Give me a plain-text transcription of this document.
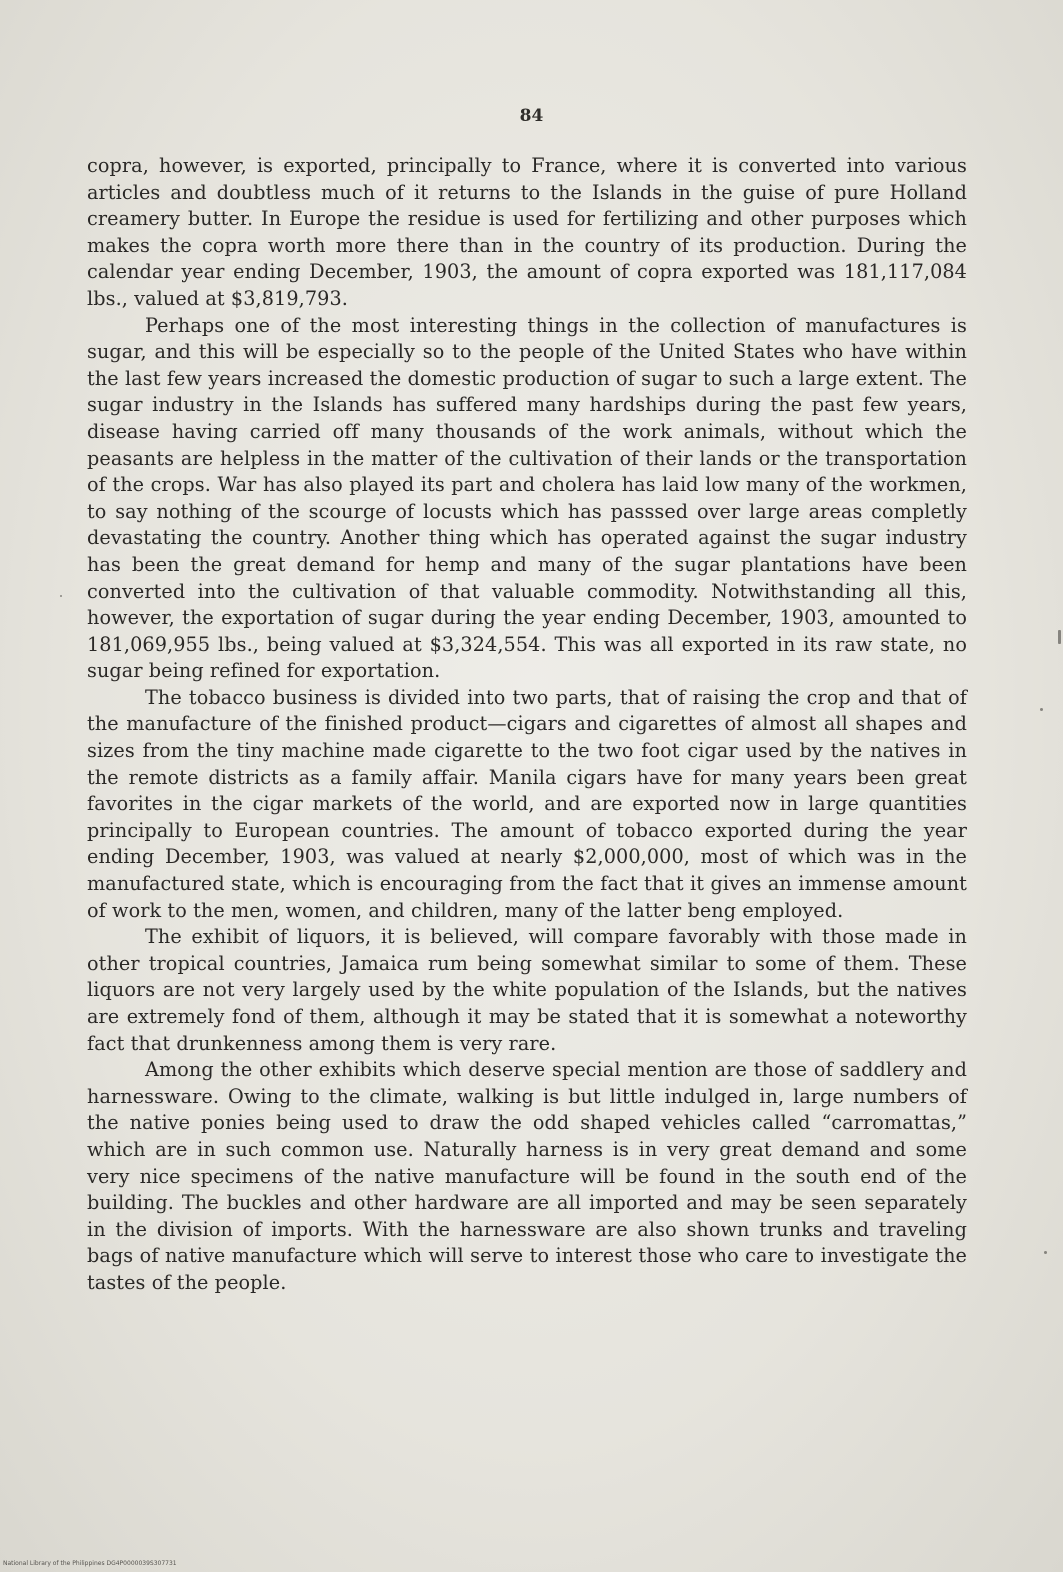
84

copra, however, is exported, principally to France, where it is converted into various articles and doubtless much of it returns to the Islands in the guise of pure Holland creamery butter. In Europe the residue is used for fertilizing and other purposes which makes the copra worth more there than in the country of its production. During the calendar year ending December, 1903, the amount of copra exported was 181,117,084 lbs., valued at $3,819,793.

Perhaps one of the most interesting things in the collection of manufactures is sugar, and this will be especially so to the people of the United States who have within the last few years increased the domestic production of sugar to such a large extent. The sugar industry in the Islands has suffered many hardships during the past few years, disease having carried off many thousands of the work animals, without which the peasants are helpless in the matter of the cultivation of their lands or the transportation of the crops. War has also played its part and cholera has laid low many of the workmen, to say nothing of the scourge of locusts which has passsed over large areas completly devastating the country. Another thing which has operated against the sugar industry has been the great demand for hemp and many of the sugar plantations have been converted into the cultivation of that valuable commodity. Notwithstanding all this, however, the exportation of sugar during the year ending December, 1903, amounted to 181,069,955 lbs., being valued at $3,324,554. This was all exported in its raw state, no sugar being refined for exportation.

The tobacco business is divided into two parts, that of raising the crop and that of the manufacture of the finished product—cigars and cigarettes of almost all shapes and sizes from the tiny machine made cigarette to the two foot cigar used by the natives in the remote districts as a family affair. Manila cigars have for many years been great favorites in the cigar markets of the world, and are exported now in large quantities principally to European countries. The amount of tobacco exported during the year ending December, 1903, was valued at nearly $2,000,000, most of which was in the manufactured state, which is encouraging from the fact that it gives an immense amount of work to the men, women, and children, many of the latter beng employed.

The exhibit of liquors, it is believed, will compare favorably with those made in other tropical countries, Jamaica rum being somewhat similar to some of them. These liquors are not very largely used by the white population of the Islands, but the natives are extremely fond of them, although it may be stated that it is somewhat a noteworthy fact that drunkenness among them is very rare.

Among the other exhibits which deserve special mention are those of saddlery and harnessware. Owing to the climate, walking is but little indulged in, large numbers of the native ponies being used to draw the odd shaped vehicles called “carromattas,” which are in such common use. Naturally harness is in very great demand and some very nice specimens of the native manufacture will be found in the south end of the building. The buckles and other hardware are all imported and may be seen separately in the division of imports. With the harnessware are also shown trunks and traveling bags of native manufacture which will serve to interest those who care to investigate the tastes of the people.

National Library of the Philippines DG4P0000039S307731
